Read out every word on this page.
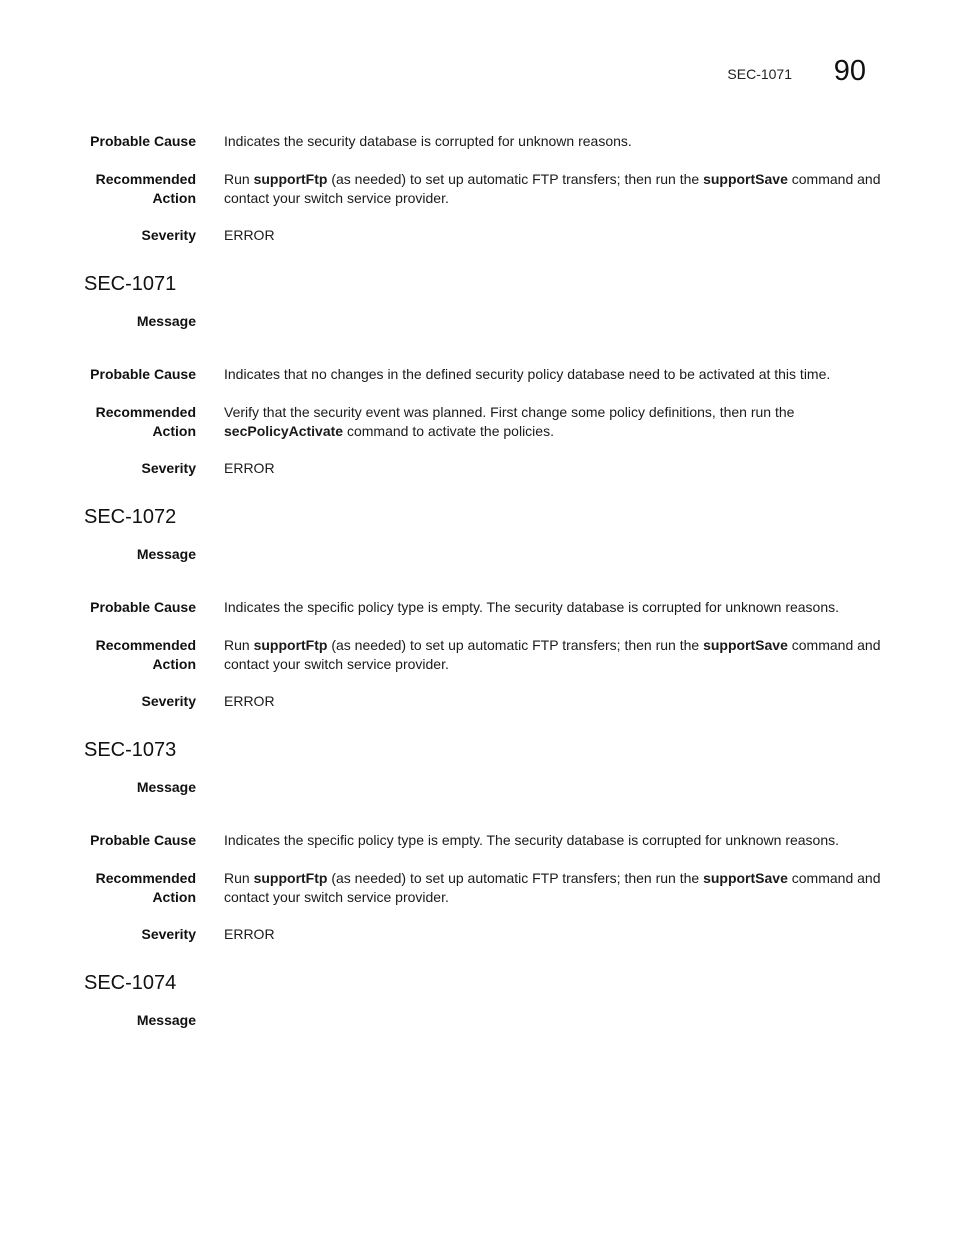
SEC-1071 90
Probable Cause Indicates the security database is corrupted for unknown reasons.
Recommended
Action
Run supportFtp (as needed) to set up automatic FTP transfers; then run the supportSave command and contact your switch service provider.
Severity ERROR
SEC-1071
Message
Probable Cause Indicates that no changes in the defined security policy database need to be activated at this time.
Recommended
Action
Verify that the security event was planned. First change some policy definitions, then run the secPolicyActivate command to activate the policies.
Severity ERROR
SEC-1072
Message
Probable Cause Indicates the specific policy type is empty. The security database is corrupted for unknown reasons.
Recommended
Action
Run supportFtp (as needed) to set up automatic FTP transfers; then run the supportSave command and contact your switch service provider.
Severity ERROR
SEC-1073
Message
Probable Cause Indicates the specific policy type is empty. The security database is corrupted for unknown reasons.
Recommended
Action
Run supportFtp (as needed) to set up automatic FTP transfers; then run the supportSave command and contact your switch service provider.
Severity ERROR
SEC-1074
Message
